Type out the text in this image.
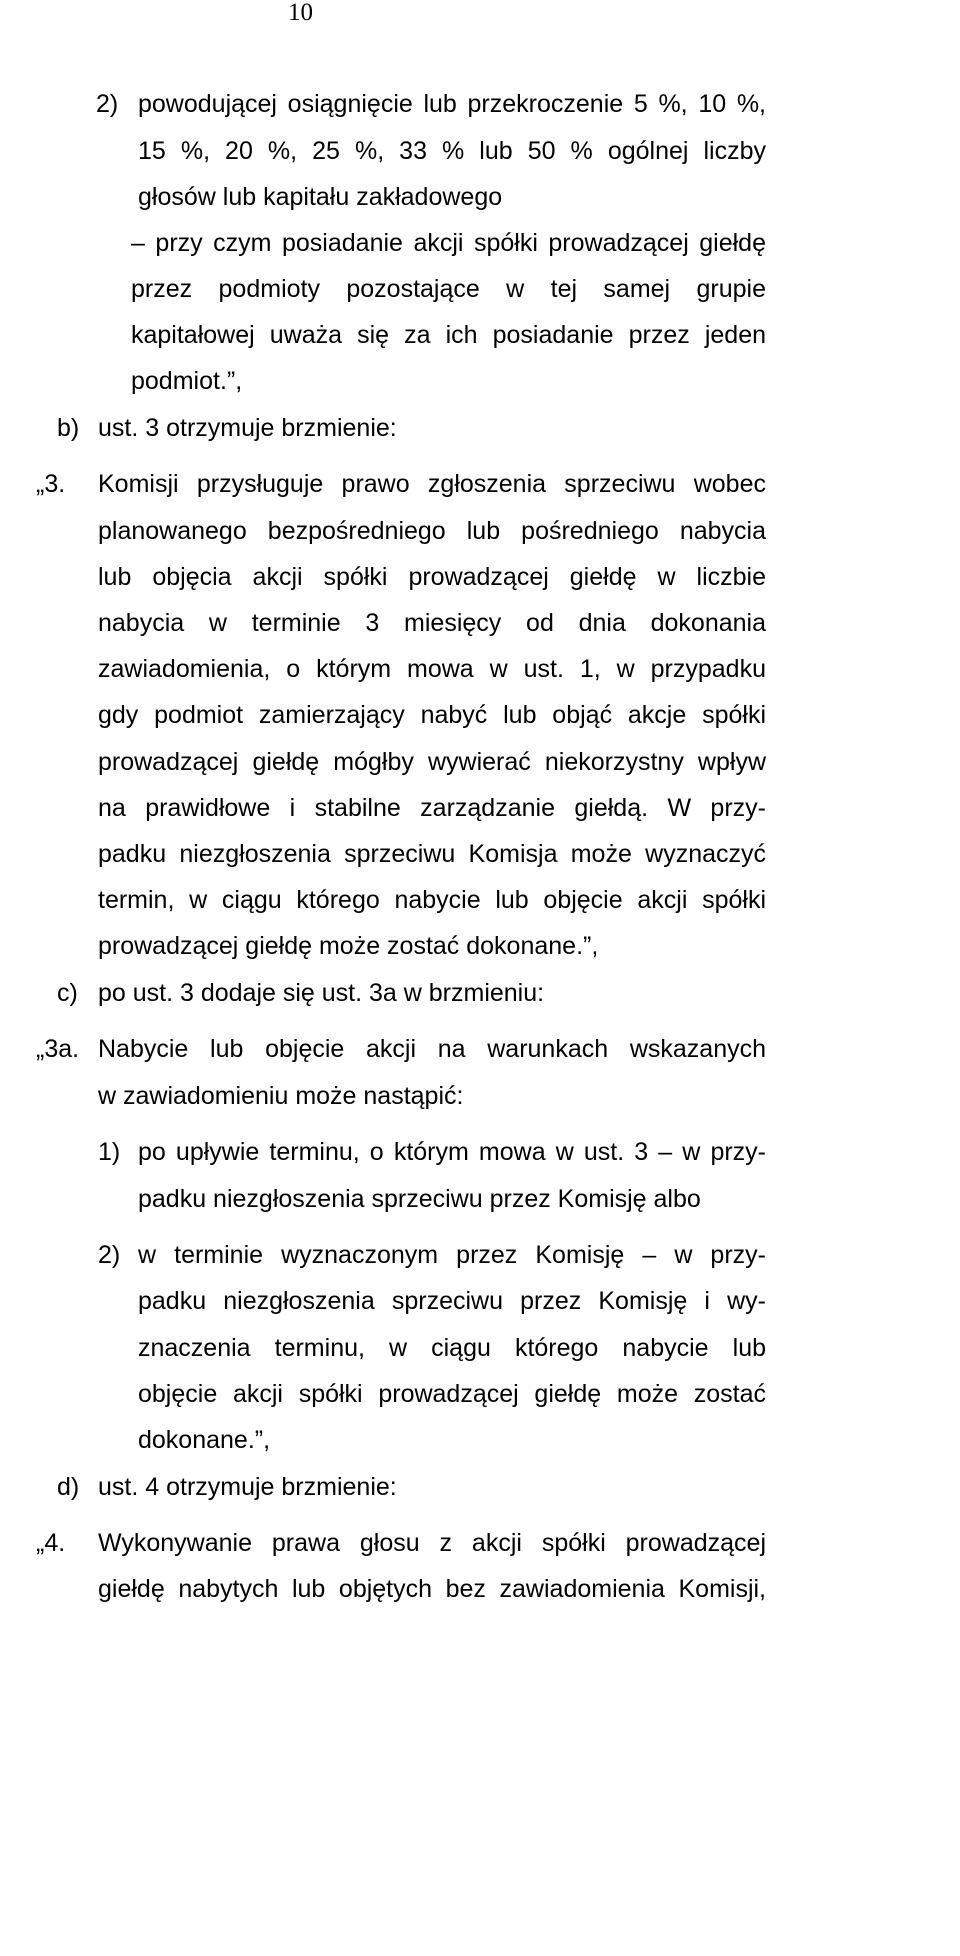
10
2) powodującej osiągnięcie lub przekroczenie 5 %, 10 %,
15 %, 20 %, 25 %, 33 % lub 50 % ogólnej liczby
głosów lub kapitału zakładowego
– przy czym posiadanie akcji spółki prowadzącej giełdę
przez podmioty pozostające w tej samej grupie
kapitałowej uważa się za ich posiadanie przez jeden
podmiot.”,
b) ust. 3 otrzymuje brzmienie:
„3. Komisji przysługuje prawo zgłoszenia sprzeciwu wobec
planowanego bezpośredniego lub pośredniego nabycia
lub objęcia akcji spółki prowadzącej giełdę w liczbie
nabycia w terminie 3 miesięcy od dnia dokonania
zawiadomienia, o którym mowa w ust. 1, w przypadku
gdy podmiot zamierzający nabyć lub objąć akcje spółki
prowadzącej giełdę mógłby wywierać niekorzystny wpływ
na prawidłowe i stabilne zarządzanie giełdą. W przy-
padku niezgłoszenia sprzeciwu Komisja może wyznaczyć
termin, w ciągu którego nabycie lub objęcie akcji spółki
prowadzącej giełdę może zostać dokonane.”,
c) po ust. 3 dodaje się ust. 3a w brzmieniu:
„3a. Nabycie lub objęcie akcji na warunkach wskazanych
w zawiadomieniu może nastąpić:
1) po upływie terminu, o którym mowa w ust. 3 – w przy-
padku niezgłoszenia sprzeciwu przez Komisję albo
2) w terminie wyznaczonym przez Komisję – w przy-
padku niezgłoszenia sprzeciwu przez Komisję i wy-
znaczenia terminu, w ciągu którego nabycie lub
objęcie akcji spółki prowadzącej giełdę może zostać
dokonane.”,
d) ust. 4 otrzymuje brzmienie:
„4. Wykonywanie prawa głosu z akcji spółki prowadzącej
giełdę nabytych lub objętych bez zawiadomienia Komisji,
